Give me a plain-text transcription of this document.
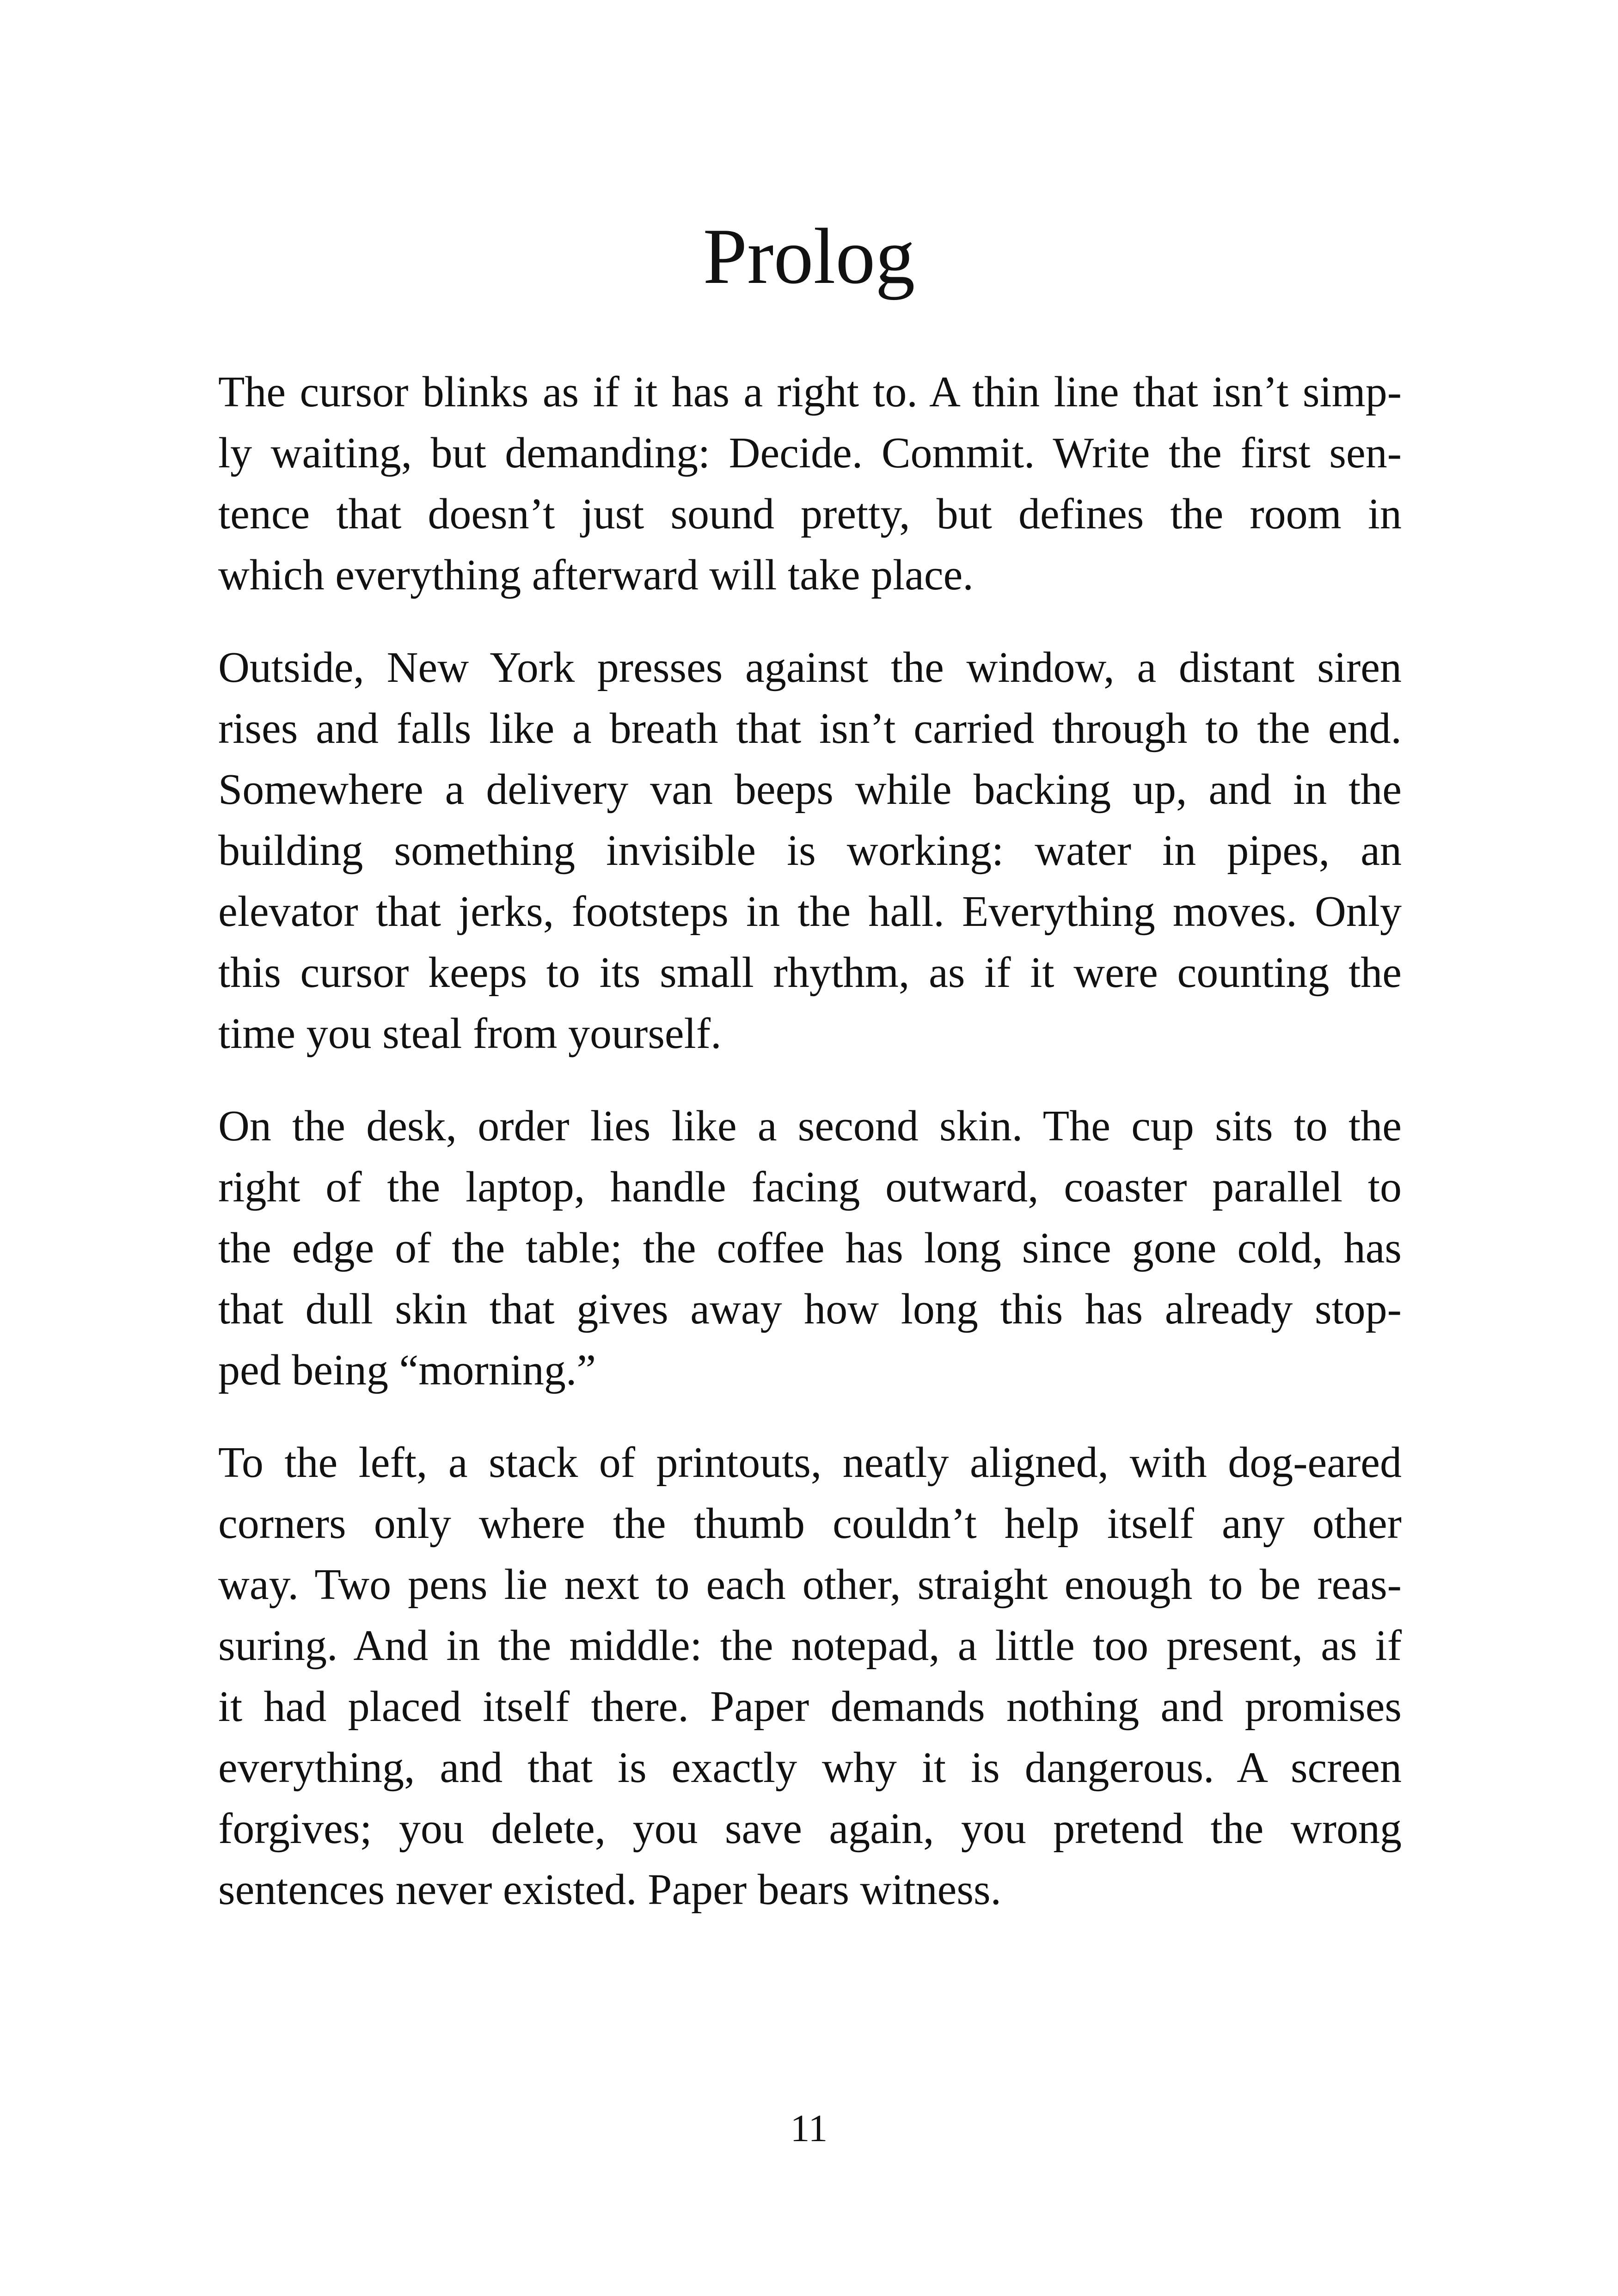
Prolog
The cursor blinks as if it has a right to. A thin line that isn’t simp-
ly waiting, but demanding: Decide. Commit. Write the first sen-
tence that doesn’t just sound pretty, but defines the room in
which everything afterward will take place.
Outside, New York presses against the window, a distant siren
rises and falls like a breath that isn’t carried through to the end.
Somewhere a delivery van beeps while backing up, and in the
building something invisible is working: water in pipes, an
elevator that jerks, footsteps in the hall. Everything moves. Only
this cursor keeps to its small rhythm, as if it were counting the
time you steal from yourself.
On the desk, order lies like a second skin. The cup sits to the
right of the laptop, handle facing outward, coaster parallel to
the edge of the table; the coffee has long since gone cold, has
that dull skin that gives away how long this has already stop-
ped being “morning.”
To the left, a stack of printouts, neatly aligned, with dog-eared
corners only where the thumb couldn’t help itself any other
way. Two pens lie next to each other, straight enough to be reas-
suring. And in the middle: the notepad, a little too present, as if
it had placed itself there. Paper demands nothing and promises
everything, and that is exactly why it is dangerous. A screen
forgives; you delete, you save again, you pretend the wrong
sentences never existed. Paper bears witness.
11
